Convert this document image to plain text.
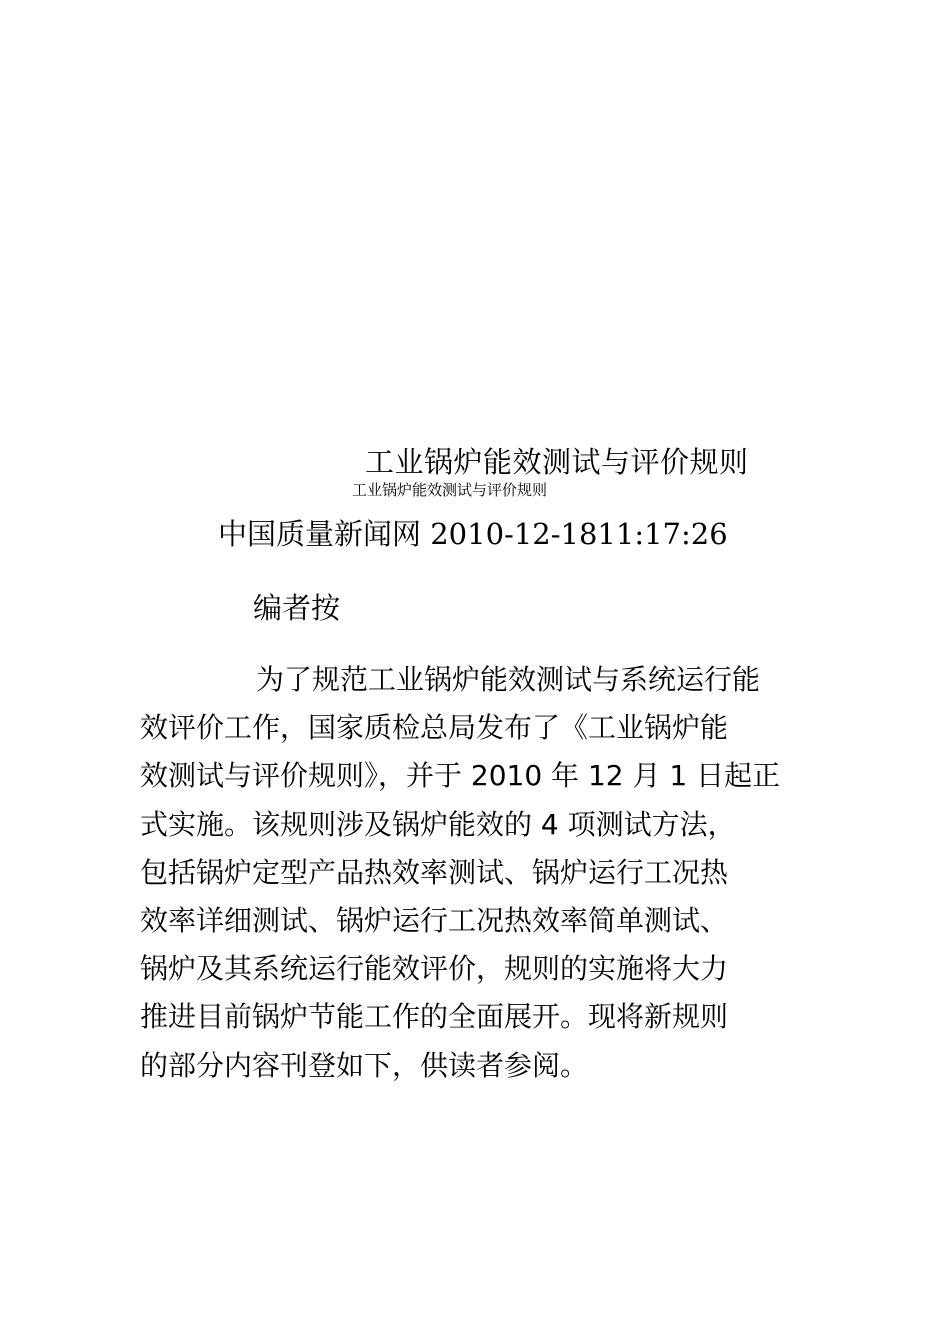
工业锅炉能效测试与评价规则
工业锅炉能效测试与评价规则
中国质量新闻网 2010-12-1811:17:26
编者按
为了规范工业锅炉能效测试与系统运行能
效评价工作，国家质检总局发布了《工业锅炉能
效测试与评价规则》，并于 2010 年 12 月 1 日起正
式实施。该规则涉及锅炉能效的 4 项测试方法，
包括锅炉定型产品热效率测试、锅炉运行工况热
效率详细测试、锅炉运行工况热效率简单测试、
锅炉及其系统运行能效评价，规则的实施将大力
推进目前锅炉节能工作的全面展开。现将新规则
的部分内容刊登如下，供读者参阅。
